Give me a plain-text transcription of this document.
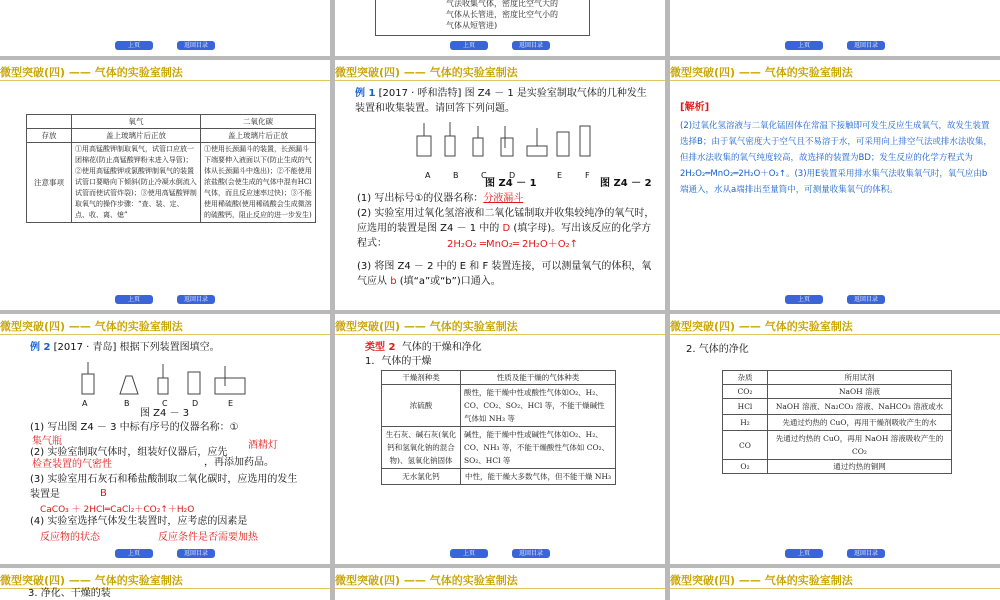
上页	返回目录
气法收集气体，密度比空气大的
气体从长管进，密度比空气小的
气体从短管进)
上页	返回目录	上页	返回目录
微型突破(四) —— 气体的实验室制法
	氧气	二氧化碳
存放	盖上玻璃片后正放	盖上玻璃片后正放
注意事项	①用高锰酸钾制取氧气，试管口应放一团棉花(防止高锰酸钾粉末进入导管)；②使用高锰酸钾或氯酸钾制氧气的装置试管口要略向下倾斜(防止冷凝水倒流入试管而使试管炸裂)；③使用高锰酸钾制取氧气的操作步骤：“查、装、定、点、收、离、熄”	①使用长颈漏斗的装置，长颈漏斗下端要伸入液面以下(防止生成的气体从长颈漏斗中逸出)；②不能使用浓盐酸(会使生成的气体中混有HCl气体，而且反应速率过快)；③不能使用稀硫酸(使用稀硫酸会生成微溶的硫酸钙，阻止反应的进一步发生)
上页	返回目录
微型突破(四) —— 气体的实验室制法
例 1 [2017 · 呼和浩特] 图 Z4 － 1 是实验室制取气体的几种发生装置和收集装置。请回答下列问题。
A	B	C	D	E	F
图 Z4 － 1	图 Z4 － 2
(1) 写出标号①的仪器名称：分液漏斗
(2) 实验室用过氧化氢溶液和二氧化锰制取并收集较纯净的氧气时，应选用的装置是图 Z4 － 1 中的 D (填字母)。写出该反应的化学方程式：	2H₂O₂ ═MnO₂═ 2H₂O＋O₂↑
(3) 将图 Z4 － 2 中的 E 和 F 装置连接，可以测量氧气的体积，氧气应从 b (填“a”或“b”)口通入。
微型突破(四) —— 气体的实验室制法
[解析]
(2)过氧化氢溶液与二氧化锰固体在常温下接触即可发生反应生成氧气，故发生装置选择B；由于氧气密度大于空气且不易溶于水，可采用向上排空气法或排水法收集，但排水法收集的氧气纯度较高，故选择的装置为BD；发生反应的化学方程式为2H₂O₂═MnO₂═2H₂O＋O₂↑。(3)用E装置采用排水集气法收集氧气时，氧气应由b端通入，水从a端排出至量筒中，可测量收集氧气的体积。
上页	返回目录
微型突破(四) —— 气体的实验室制法
例 2 [2017 · 青岛] 根据下列装置图填空。
A	B	C	D	E
图 Z4 － 3
酒精灯
(1) 写出图 Z4 － 3 中标有序号的仪器名称：①
集气瓶
(2) 实验室制取气体时，组装好仪器后，应先
检查装置的气密性	，再添加药品。
(3) 实验室用石灰石和稀盐酸制取二氧化碳时，应选用的发生装置是	B
CaCO₃ ＋ 2HCl═CaCl₂＋CO₂↑＋H₂O
(4) 实验室选择气体发生装置时，应考虑的因素是
反应物的状态	反应条件是否需要加热
上页	返回目录
微型突破(四) —— 气体的实验室制法
类型 2 气体的干燥和净化
1．气体的干燥
干燥剂种类	性质及能干燥的气体种类
浓硫酸	酸性，能干燥中性或酸性气体如O₂、H₂、CO、CO₂、SO₂、HCl 等，不能干燥碱性气体如 NH₃ 等
生石灰、碱石灰(氧化钙和氢氧化钠的混合物)、氢氧化钠固体	碱性，能干燥中性或碱性气体如O₂、H₂、CO、NH₃ 等，不能干燥酸性气体如 CO₂、SO₂、HCl 等
无水氯化钙	中性，能干燥大多数气体，但不能干燥 NH₃
上页	返回目录
微型突破(四) —— 气体的实验室制法
2. 气体的净化
杂质	所用试剂
CO₂	NaOH 溶液
HCl	NaOH 溶液、Na₂CO₃ 溶液、NaHCO₃ 溶液或水
H₂	先通过灼热的 CuO，再用干燥剂吸收产生的水
CO	先通过灼热的 CuO，再用 NaOH 溶液吸收产生的 CO₂
O₂	通过灼热的铜网
上页	返回目录
微型突破(四) —— 气体的实验室制法
3. 净化、干燥的装
微型突破(四) —— 气体的实验室制法	微型突破(四) —— 气体的实验室制法
